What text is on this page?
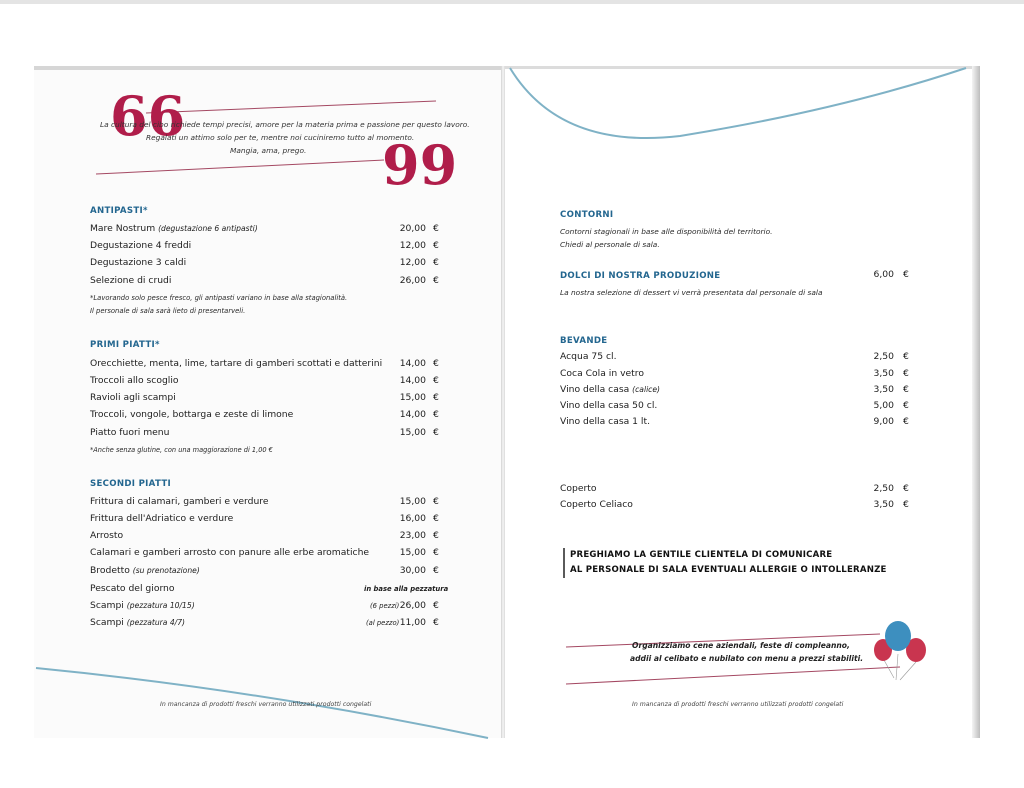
66
99
La cultura del cibo richiede tempi precisi, amore per la materia prima e passione per questo lavoro.
Regalati un attimo solo per te, mentre noi cuciniremo tutto al momento.
Mangia, ama, prego.
ANTIPASTI*
Mare Nostrum (degustazione 6 antipasti)	20,00 €
Degustazione 4 freddi	12,00 €
Degustazione 3 caldi	12,00 €
Selezione di crudi	26,00 €
*Lavorando solo pesce fresco, gli antipasti variano in base alla stagionalità.
Il personale di sala sarà lieto di presentarveli.
PRIMI PIATTI*
Orecchiette, menta, lime, tartare di gamberi scottati e datterini	14,00 €
Troccoli allo scoglio	14,00 €
Ravioli agli scampi	15,00 €
Troccoli, vongole, bottarga e zeste di limone	14,00 €
Piatto fuori menu	15,00 €
*Anche senza glutine, con una maggiorazione di 1,00 €
SECONDI PIATTI
Frittura di calamari, gamberi e verdure	15,00 €
Frittura dell'Adriatico e verdure	16,00 €
Arrosto	23,00 €
Calamari e gamberi arrosto con panure alle erbe aromatiche	15,00 €
Brodetto (su prenotazione)	30,00 €
Pescato del giorno	in base alla pezzatura
Scampi (pezzatura 10/15)	(6 pezzi) 26,00 €
Scampi (pezzatura 4/7)	(al pezzo) 11,00 €
In mancanza di prodotti freschi verranno utilizzati prodotti congelati
CONTORNI
Contorni stagionali in base alle disponibilità del territorio.
Chiedi al personale di sala.
DOLCI DI NOSTRA PRODUZIONE	6,00 €
La nostra selezione di dessert vi verrà presentata dal personale di sala
BEVANDE
Acqua 75 cl.	2,50 €
Coca Cola in vetro	3,50 €
Vino della casa (calice)	3,50 €
Vino della casa 50 cl.	5,00 €
Vino della casa 1 lt.	9,00 €
Coperto	2,50 €
Coperto Celiaco	3,50 €
PREGHIAMO LA GENTILE CLIENTELA DI COMUNICARE
AL PERSONALE DI SALA EVENTUALI ALLERGIE O INTOLLERANZE
Organizziamo cene aziendali, feste di compleanno,
addii al celibato e nubilato con menu a prezzi stabiliti.
In mancanza di prodotti freschi verranno utilizzati prodotti congelati
